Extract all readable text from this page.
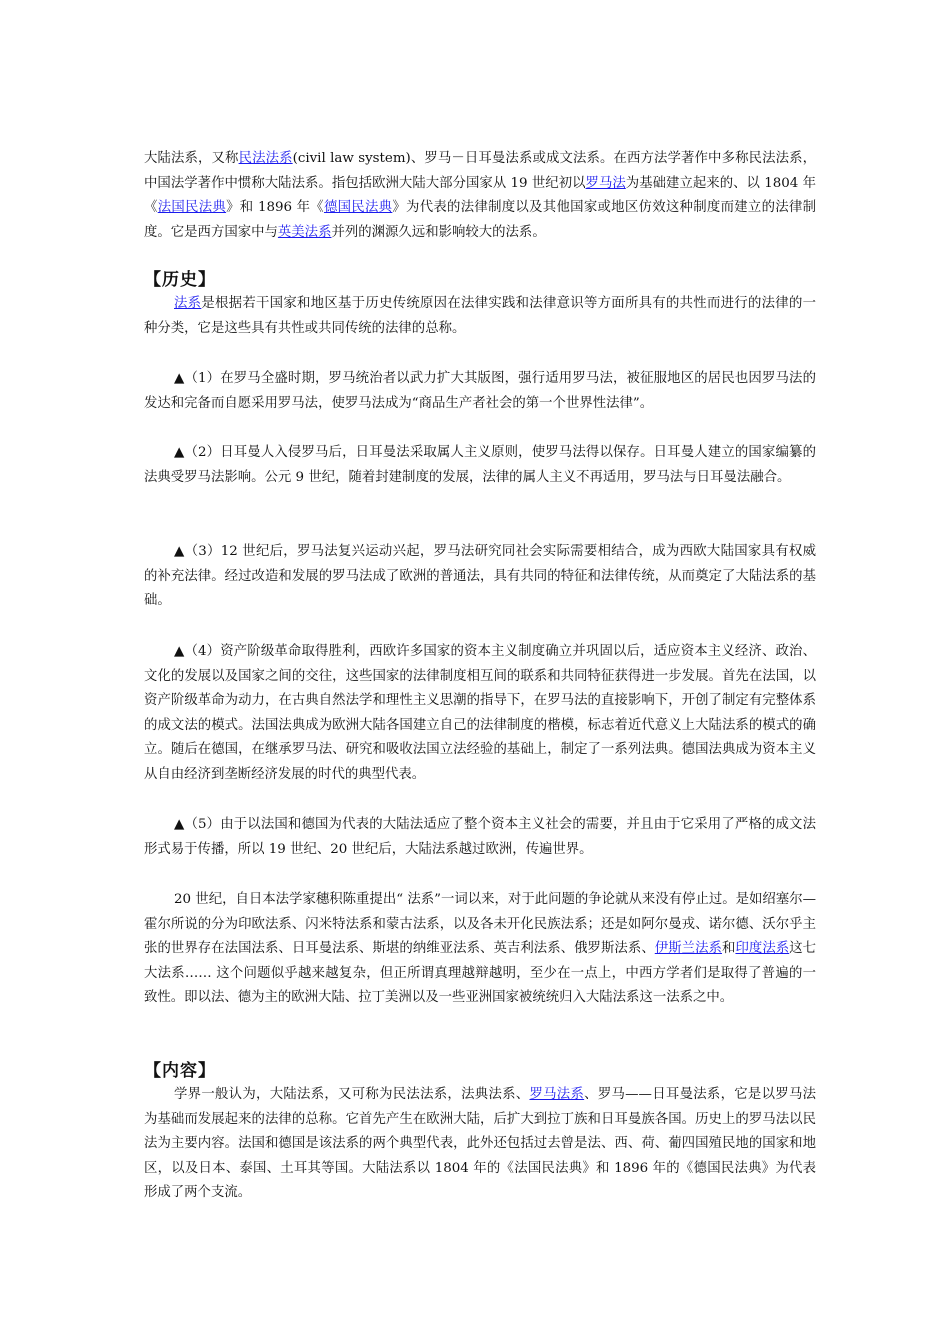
大陆法系，又称民法法系(civil law system)、罗马－日耳曼法系或成文法系。在西方法学著作中多称民法法系，中国法学著作中惯称大陆法系。指包括欧洲大陆大部分国家从 19 世纪初以罗马法为基础建立起来的、以 1804 年《法国民法典》和 1896 年《德国民法典》为代表的法律制度以及其他国家或地区仿效这种制度而建立的法律制度。它是西方国家中与英美法系并列的渊源久远和影响较大的法系。

【历史】

法系是根据若干国家和地区基于历史传统原因在法律实践和法律意识等方面所具有的共性而进行的法律的一种分类，它是这些具有共性或共同传统的法律的总称。

▲（1）在罗马全盛时期，罗马统治者以武力扩大其版图，强行适用罗马法，被征服地区的居民也因罗马法的发达和完备而自愿采用罗马法，使罗马法成为“商品生产者社会的第一个世界性法律”。

▲（2）日耳曼人入侵罗马后，日耳曼法采取属人主义原则，使罗马法得以保存。日耳曼人建立的国家编纂的法典受罗马法影响。公元 9 世纪，随着封建制度的发展，法律的属人主义不再适用，罗马法与日耳曼法融合。

▲（3）12 世纪后，罗马法复兴运动兴起，罗马法研究同社会实际需要相结合，成为西欧大陆国家具有权威的补充法律。经过改造和发展的罗马法成了欧洲的普通法，具有共同的特征和法律传统，从而奠定了大陆法系的基础。

▲（4）资产阶级革命取得胜利，西欧许多国家的资本主义制度确立并巩固以后，适应资本主义经济、政治、文化的发展以及国家之间的交往，这些国家的法律制度相互间的联系和共同特征获得进一步发展。首先在法国，以资产阶级革命为动力，在古典自然法学和理性主义思潮的指导下，在罗马法的直接影响下，开创了制定有完整体系的成文法的模式。法国法典成为欧洲大陆各国建立自己的法律制度的楷模，标志着近代意义上大陆法系的模式的确立。随后在德国，在继承罗马法、研究和吸收法国立法经验的基础上，制定了一系列法典。德国法典成为资本主义从自由经济到垄断经济发展的时代的典型代表。

▲（5）由于以法国和德国为代表的大陆法适应了整个资本主义社会的需要，并且由于它采用了严格的成文法形式易于传播，所以 19 世纪、20 世纪后，大陆法系越过欧洲，传遍世界。

20 世纪，自日本法学家穗积陈重提出“ 法系”一词以来，对于此问题的争论就从来没有停止过。是如绍塞尔—霍尔所说的分为印欧法系、闪米特法系和蒙古法系，以及各未开化民族法系；还是如阿尔曼戎、诺尔德、沃尔乎主张的世界存在法国法系、日耳曼法系、斯堪的纳维亚法系、英吉利法系、俄罗斯法系、伊斯兰法系和印度法系这七大法系…… 这个问题似乎越来越复杂，但正所谓真理越辩越明，至少在一点上，中西方学者们是取得了普遍的一致性。即以法、德为主的欧洲大陆、拉丁美洲以及一些亚洲国家被统统归入大陆法系这一法系之中。

【内容】

学界一般认为，大陆法系，又可称为民法法系，法典法系、罗马法系、罗马——日耳曼法系，它是以罗马法为基础而发展起来的法律的总称。它首先产生在欧洲大陆，后扩大到拉丁族和日耳曼族各国。历史上的罗马法以民法为主要内容。法国和德国是该法系的两个典型代表，此外还包括过去曾是法、西、荷、葡四国殖民地的国家和地区，以及日本、泰国、土耳其等国。大陆法系以 1804 年的《法国民法典》和 1896 年的《德国民法典》为代表形成了两个支流。
